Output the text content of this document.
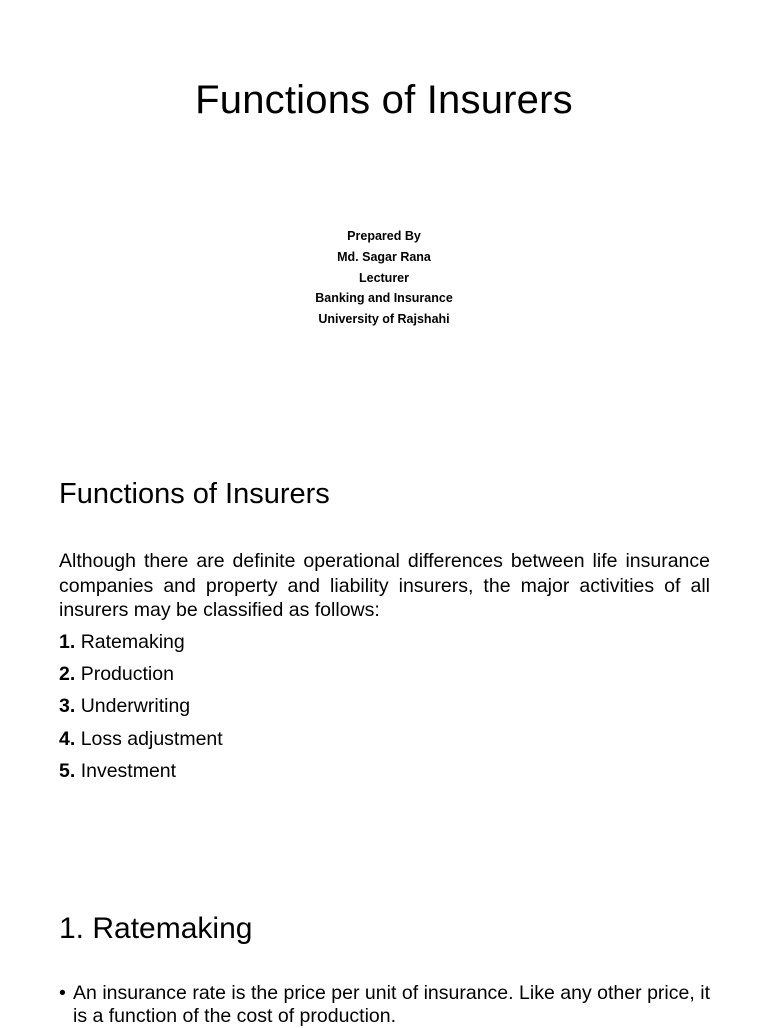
Functions of Insurers
Prepared By
Md. Sagar Rana
Lecturer
Banking and Insurance
University of Rajshahi
Functions of Insurers
Although there are definite operational differences between life insurance companies and property and liability insurers, the major activities of all insurers may be classified as follows:
1. Ratemaking
2. Production
3. Underwriting
4. Loss adjustment
5. Investment
1. Ratemaking
• An insurance rate is the price per unit of insurance. Like any other price, it is a function of the cost of production.
